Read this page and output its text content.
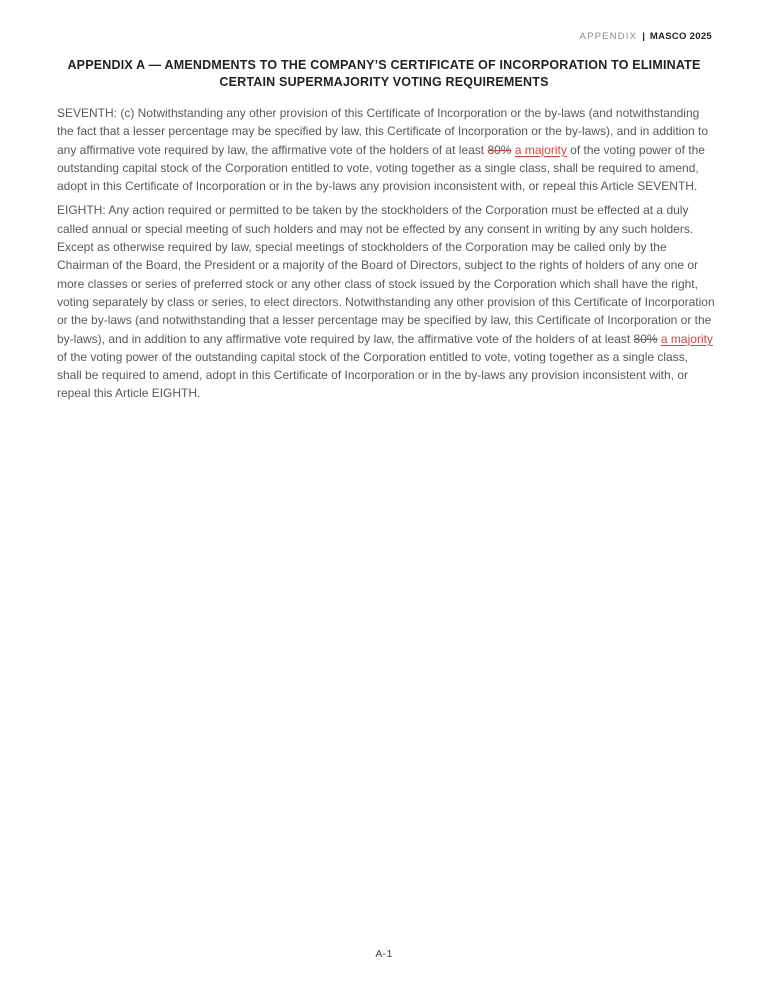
APPENDIX | MASCO 2025
APPENDIX A — AMENDMENTS TO THE COMPANY’S CERTIFICATE OF INCORPORATION TO ELIMINATE CERTAIN SUPERMAJORITY VOTING REQUIREMENTS

SEVENTH: (c) Notwithstanding any other provision of this Certificate of Incorporation or the by-laws (and notwithstanding the fact that a lesser percentage may be specified by law, this Certificate of Incorporation or the by-laws), and in addition to any affirmative vote required by law, the affirmative vote of the holders of at least 80% a majority of the voting power of the outstanding capital stock of the Corporation entitled to vote, voting together as a single class, shall be required to amend, adopt in this Certificate of Incorporation or in the by-laws any provision inconsistent with, or repeal this Article SEVENTH.

EIGHTH: Any action required or permitted to be taken by the stockholders of the Corporation must be effected at a duly called annual or special meeting of such holders and may not be effected by any consent in writing by any such holders. Except as otherwise required by law, special meetings of stockholders of the Corporation may be called only by the Chairman of the Board, the President or a majority of the Board of Directors, subject to the rights of holders of any one or more classes or series of preferred stock or any other class of stock issued by the Corporation which shall have the right, voting separately by class or series, to elect directors. Notwithstanding any other provision of this Certificate of Incorporation or the by-laws (and notwithstanding that a lesser percentage may be specified by law, this Certificate of Incorporation or the by-laws), and in addition to any affirmative vote required by law, the affirmative vote of the holders of at least 80% a majority of the voting power of the outstanding capital stock of the Corporation entitled to vote, voting together as a single class, shall be required to amend, adopt in this Certificate of Incorporation or in the by-laws any provision inconsistent with, or repeal this Article EIGHTH.

A-1
